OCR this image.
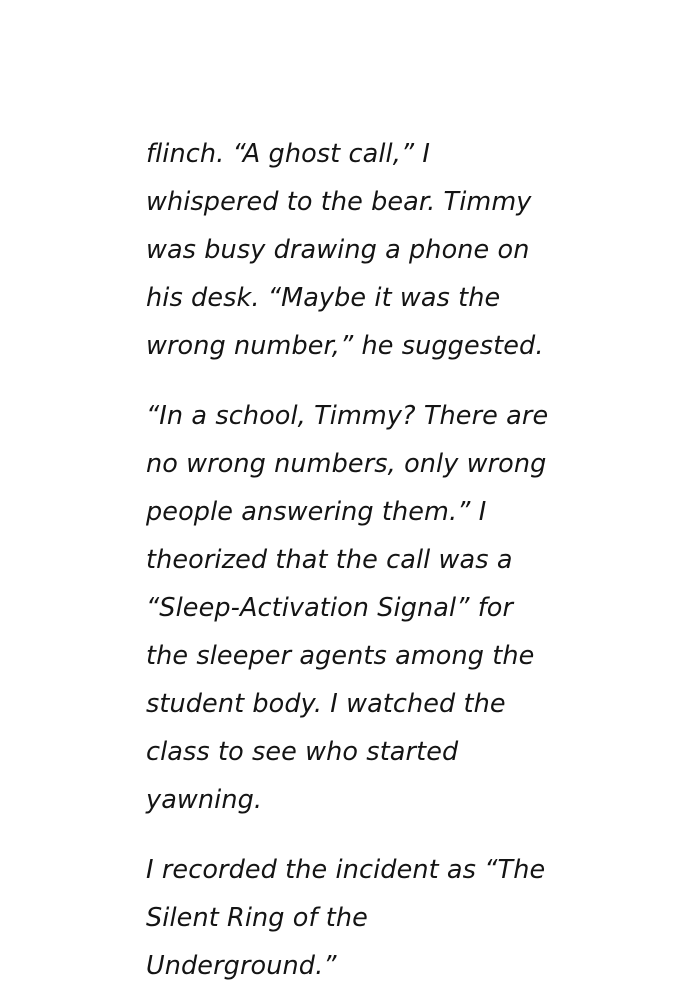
flinch. “A ghost call,” I whispered to the bear. Timmy was busy drawing a phone on his desk. “Maybe it was the wrong number,” he suggested.

“In a school, Timmy? There are no wrong numbers, only wrong people answering them.” I theorized that the call was a “Sleep-Activation Signal” for the sleeper agents among the student body. I watched the class to see who started yawning.

I recorded the incident as “The Silent Ring of the Underground.”
